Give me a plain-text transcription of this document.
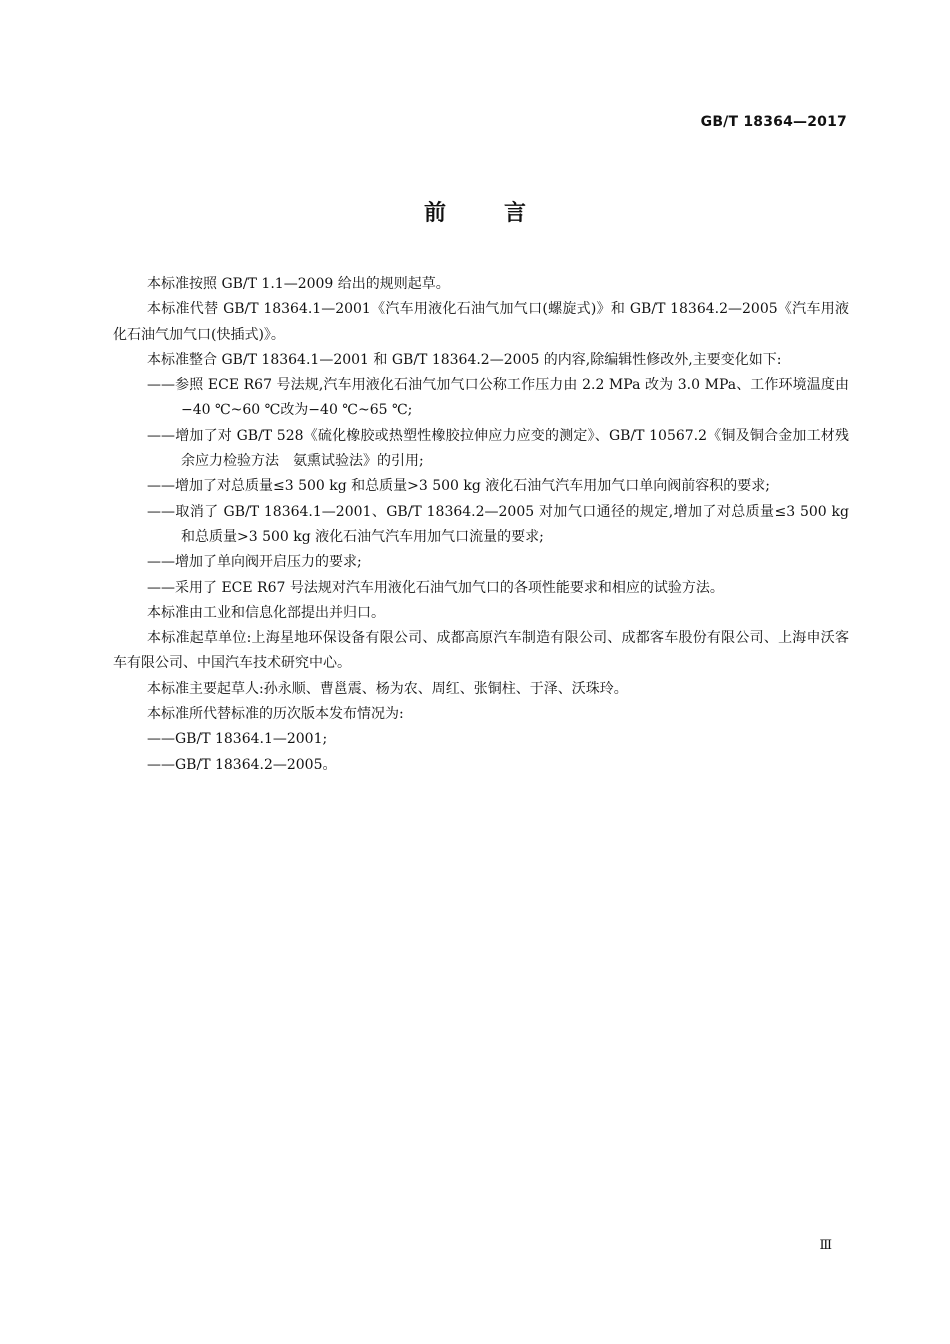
GB/T 18364—2017
前言

本标准按照 GB/T 1.1—2009 给出的规则起草。

本标准代替 GB/T 18364.1—2001《汽车用液化石油气加气口(螺旋式)》和 GB/T 18364.2—2005《汽车用液化石油气加气口(快插式)》。

本标准整合 GB/T 18364.1—2001 和 GB/T 18364.2—2005 的内容,除编辑性修改外,主要变化如下:

——参照 ECE R67 号法规,汽车用液化石油气加气口公称工作压力由 2.2 MPa 改为 3.0 MPa、工作环境温度由−40 ℃~60 ℃改为−40 ℃~65 ℃;

——增加了对 GB/T 528《硫化橡胶或热塑性橡胶拉伸应力应变的测定》、GB/T 10567.2《铜及铜合金加工材残余应力检验方法　氨熏试验法》的引用;

——增加了对总质量≤3 500 kg 和总质量>3 500 kg 液化石油气汽车用加气口单向阀前容积的要求;

——取消了 GB/T 18364.1—2001、GB/T 18364.2—2005 对加气口通径的规定,增加了对总质量≤3 500 kg和总质量>3 500 kg 液化石油气汽车用加气口流量的要求;

——增加了单向阀开启压力的要求;

——采用了 ECE R67 号法规对汽车用液化石油气加气口的各项性能要求和相应的试验方法。

本标准由工业和信息化部提出并归口。

本标准起草单位:上海星地环保设备有限公司、成都高原汽车制造有限公司、成都客车股份有限公司、上海申沃客车有限公司、中国汽车技术研究中心。

本标准主要起草人:孙永顺、曹邕震、杨为农、周红、张铜柱、于泽、沃珠玲。

本标准所代替标准的历次版本发布情况为:

——GB/T 18364.1—2001;

——GB/T 18364.2—2005。

Ⅲ
